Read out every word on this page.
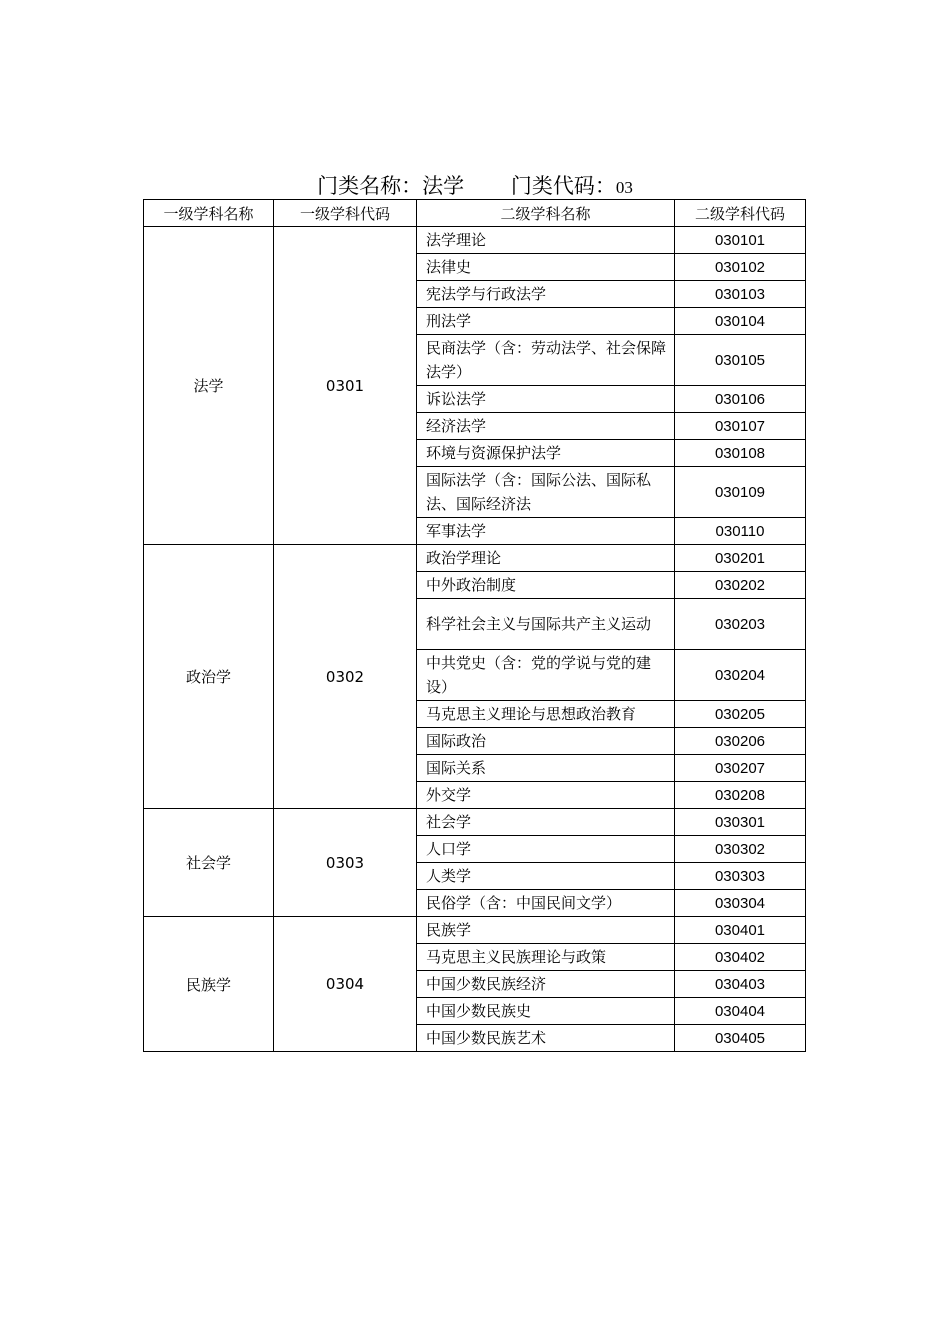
门类名称：法学 门类代码：03
一级学科名称	一级学科代码	二级学科名称	二级学科代码
法学	0301	法学理论	030101
		法律史	030102
		宪法学与行政法学	030103
		刑法学	030104
		民商法学（含：劳动法学、社会保障法学）	030105
		诉讼法学	030106
		经济法学	030107
		环境与资源保护法学	030108
		国际法学（含：国际公法、国际私法、国际经济法	030109
		军事法学	030110
政治学	0302	政治学理论	030201
		中外政治制度	030202
		科学社会主义与国际共产主义运动	030203
		中共党史（含：党的学说与党的建设）	030204
		马克思主义理论与思想政治教育	030205
		国际政治	030206
		国际关系	030207
		外交学	030208
社会学	0303	社会学	030301
		人口学	030302
		人类学	030303
		民俗学（含：中国民间文学）	030304
民族学	0304	民族学	030401
		马克思主义民族理论与政策	030402
		中国少数民族经济	030403
		中国少数民族史	030404
		中国少数民族艺术	030405
